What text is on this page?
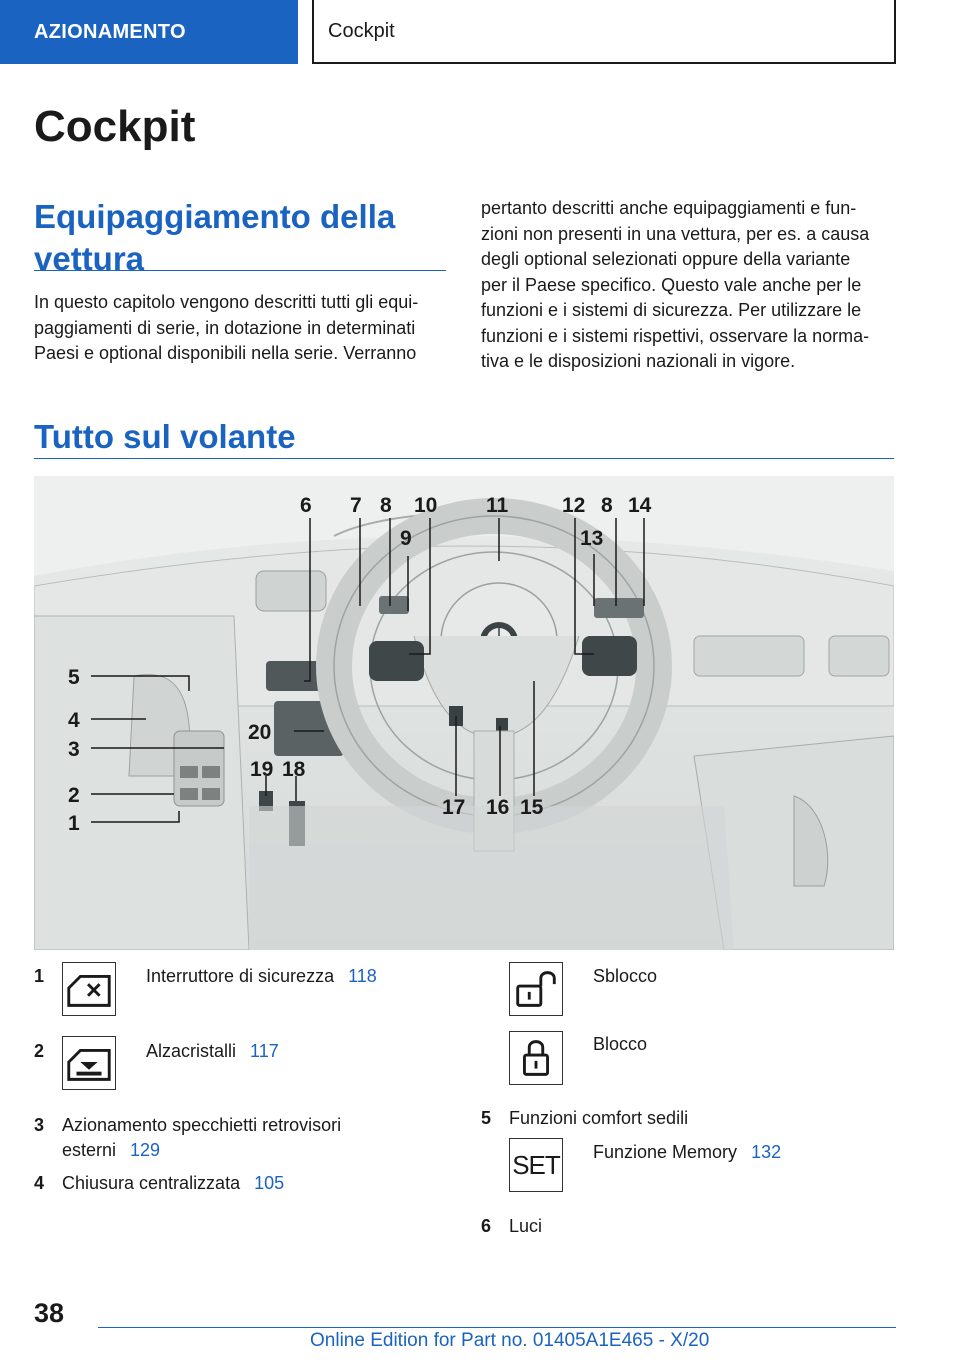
AZIONAMENTO	Cockpit
Cockpit
Equipaggiamento della
vettura

In questo capitolo vengono descritti tutti gli equi-
paggiamenti di serie, in dotazione in determinati
Paesi e optional disponibili nella serie. Verranno

pertanto descritti anche equipaggiamenti e fun-
zioni non presenti in una vettura, per es. a causa
degli optional selezionati oppure della variante
per il Paese specifico. Questo vale anche per le
funzioni e i sistemi di sicurezza. Per utilizzare le
funzioni e i sistemi rispettivi, osservare la norma-
tiva e le disposizioni nazionali in vigore.

Tutto sul volante
6 7 8
9
10 11	12 8
13
14
15
16
17
18
19
20
5
4
3
2
1
1	Interruttore di sicurezza 118
2	Alzacristalli 117
3 Azionamento specchietti retrovisori
esterni 129
4 Chiusura centralizzata 105
Sblocco
Blocco
5 Funzioni comfort sedili
SET Funzione Memory 132
6 Luci
38
Online Edition for Part no. 01405A1E465 - X/20
